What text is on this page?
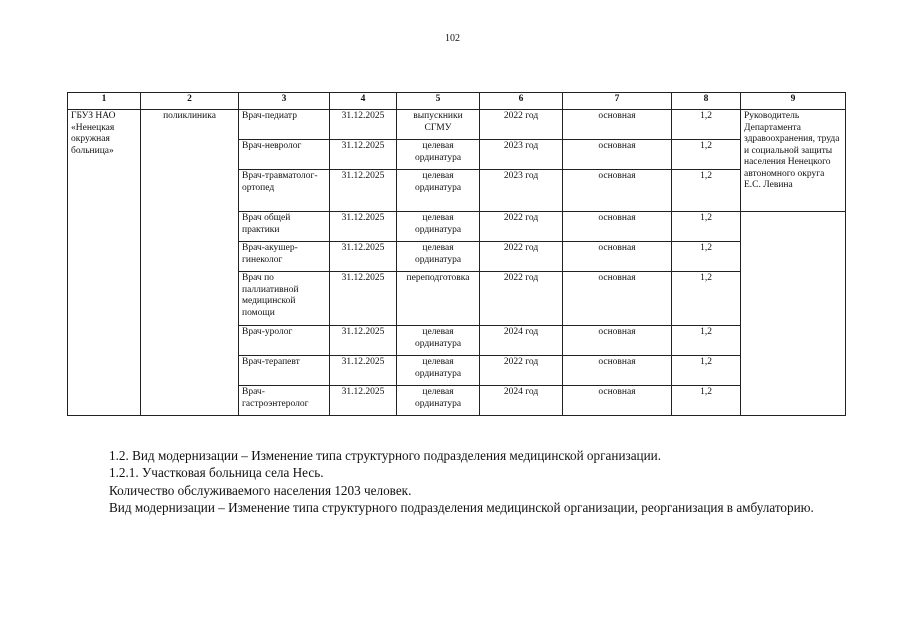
102
1	2	3	4	5	6	7	8	9
ГБУЗ НАО «Ненецкая окружная больница»	поликлиника	Врач-педиатр	31.12.2025	выпускники СГМУ	2022 год	основная	1,2	Руководитель Департамента здравоохранения, труда и социальной защиты населения Ненецкого автономного округа Е.С. Левина
		Врач-невролог	31.12.2025	целевая ординатура	2023 год	основная	1,2	
		Врач-травматолог-ортопед	31.12.2025	целевая ординатура	2023 год	основная	1,2	
		Врач общей практики	31.12.2025	целевая ординатура	2022 год	основная	1,2	
		Врач-акушер-гинеколог	31.12.2025	целевая ординатура	2022 год	основная	1,2	
		Врач по паллиативной медицинской помощи	31.12.2025	переподготовка	2022 год	основная	1,2	
		Врач-уролог	31.12.2025	целевая ординатура	2024 год	основная	1,2	
		Врач-терапевт	31.12.2025	целевая ординатура	2022 год	основная	1,2	
		Врач-гастроэнтеролог	31.12.2025	целевая ординатура	2024 год	основная	1,2	
1.2. Вид модернизации – Изменение типа структурного подразделения медицинской организации.
1.2.1. Участковая больница села Несь.
Количество обслуживаемого населения 1203 человек.
Вид модернизации – Изменение типа структурного подразделения медицинской организации, реорганизация в амбулаторию.
